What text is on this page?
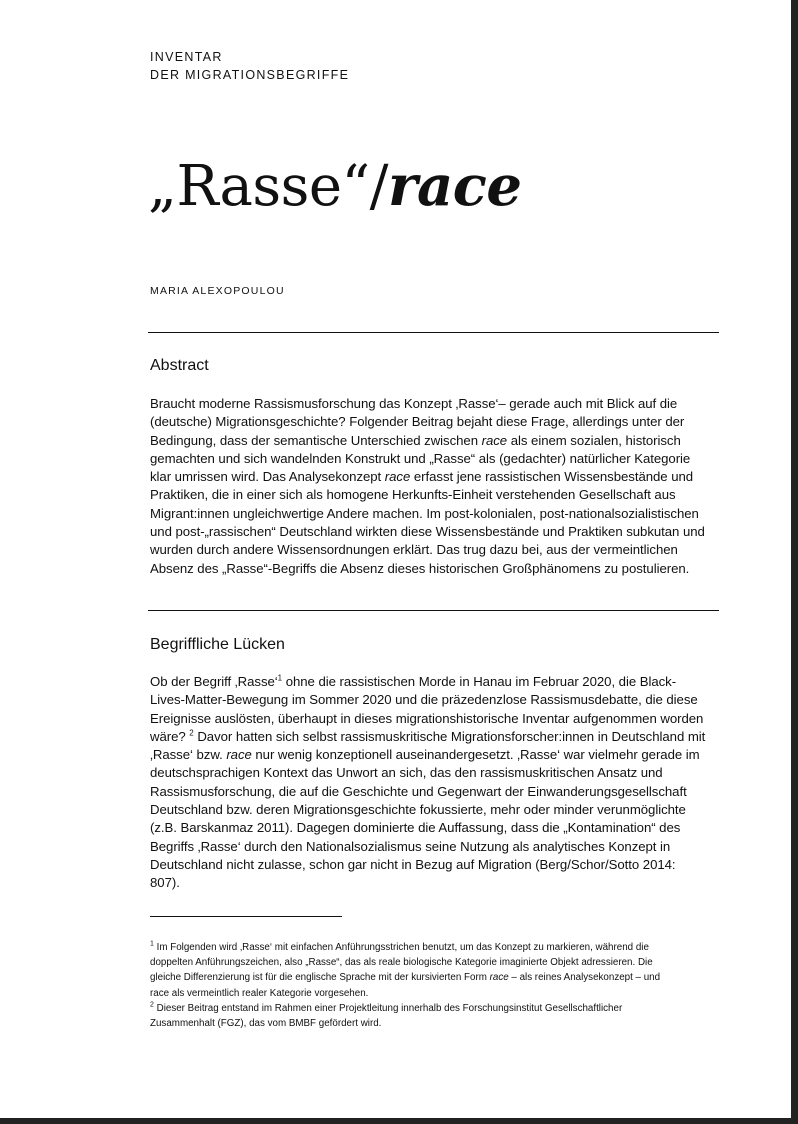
INVENTAR
DER MIGRATIONSBEGRIFFE
„Rasse“/race
MARIA ALEXOPOULOU
Abstract
Braucht moderne Rassismusforschung das Konzept ‚Rasse‘– gerade auch mit Blick auf die
(deutsche) Migrationsgeschichte? Folgender Beitrag bejaht diese Frage, allerdings unter der
Bedingung, dass der semantische Unterschied zwischen race als einem sozialen, historisch
gemachten und sich wandelnden Konstrukt und „Rasse“ als (gedachter) natürlicher Kategorie
klar umrissen wird. Das Analysekonzept race erfasst jene rassistischen Wissensbestände und
Praktiken, die in einer sich als homogene Herkunfts-Einheit verstehenden Gesellschaft aus
Migrant:innen ungleichwertige Andere machen. Im post-kolonialen, post-nationalsozialistischen
und post-„rassischen“ Deutschland wirkten diese Wissensbestände und Praktiken subkutan und
wurden durch andere Wissensordnungen erklärt. Das trug dazu bei, aus der vermeintlichen
Absenz des „Rasse“-Begriffs die Absenz dieses historischen Großphänomens zu postulieren.
Begriffliche Lücken
Ob der Begriff ‚Rasse‘$^1$ ohne die rassistischen Morde in Hanau im Februar 2020, die Black-
Lives-Matter-Bewegung im Sommer 2020 und die präzedenzlose Rassismusdebatte, die diese
Ereignisse auslösten, überhaupt in dieses migrationshistorische Inventar aufgenommen worden
wäre? $^2$ Davor hatten sich selbst rassismuskritische Migrationsforscher:innen in Deutschland mit
‚Rasse‘ bzw. race nur wenig konzeptionell auseinandergesetzt. ‚Rasse‘ war vielmehr gerade im
deutschsprachigen Kontext das Unwort an sich, das den rassismuskritischen Ansatz und
Rassismusforschung, die auf die Geschichte und Gegenwart der Einwanderungsgesellschaft
Deutschland bzw. deren Migrationsgeschichte fokussierte, mehr oder minder verunmöglichte
(z.B. Barskanmaz 2011). Dagegen dominierte die Auffassung, dass die „Kontamination“ des
Begriffs ‚Rasse‘ durch den Nationalsozialismus seine Nutzung als analytisches Konzept in
Deutschland nicht zulasse, schon gar nicht in Bezug auf Migration (Berg/Schor/Sotto 2014:
807).
$^1$ Im Folgenden wird ‚Rasse‘ mit einfachen Anführungsstrichen benutzt, um das Konzept zu markieren, während die
doppelten Anführungszeichen, also „Rasse“, das als reale biologische Kategorie imaginierte Objekt adressieren. Die
gleiche Differenzierung ist für die englische Sprache mit der kursivierten Form race – als reines Analysekonzept – und
race als vermeintlich realer Kategorie vorgesehen.
$^2$ Dieser Beitrag entstand im Rahmen einer Projektleitung innerhalb des Forschungsinstitut Gesellschaftlicher
Zusammenhalt (FGZ), das vom BMBF gefördert wird.
